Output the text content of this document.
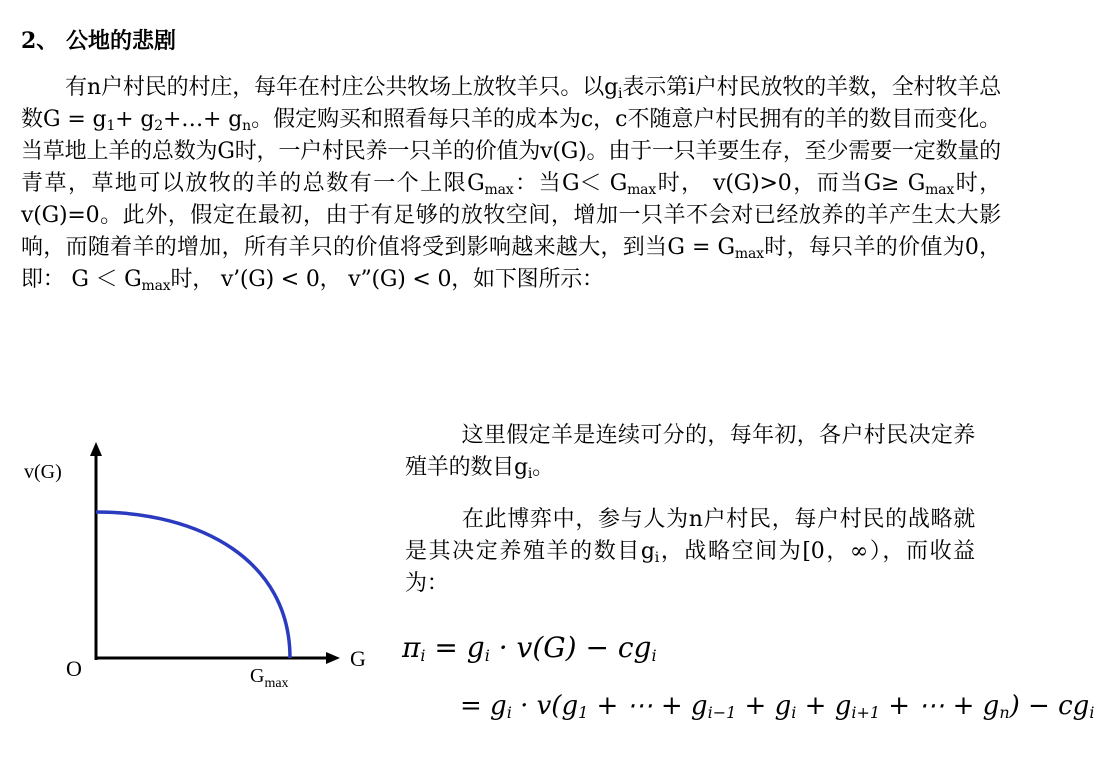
2、 公地的悲剧
有n户村民的村庄，每年在村庄公共牧场上放牧羊只。以$g_i$表示第i户村民放牧的羊数，全村牧羊总数$G = g_1+$ $g_2+\dots+ g_n$。假定购买和照看每只羊的成本为c，c不随意户村民拥有的羊的数目而变化。当草地上羊的总数为G时，一户村民养一只羊的价值为v(G)。由于一只羊要生存，至少需要一定数量的青草，草地可以放牧的羊的总数有一个上限$G_{max}$：当$G< G_{max}$时， v(G)>0，而当$G\ge G_{max}$时，v(G)=0。此外，假定在最初，由于有足够的放牧空间，增加一只羊不会对已经放养的羊产生太大影响，而随着羊的增加，所有羊只的价值将受到影响越来越大，到当$G = G_{max}$时，每只羊的价值为0，即： $G < G_{max}$时， v’(G) < 0， v”(G) < 0，如下图所示：
这里假定羊是连续可分的，每年初，各户村民决定养殖羊的数目$g_i$。
在此博弈中，参与人为n户村民，每户村民的战略就是其决定养殖羊的数目$g_i$，战略空间为[0，∞），而收益为：
v(G)
G
O	$G_{max}$
$\pi_i = g_i \cdot v(G) - cg_i$
= $g_i \cdot v(g_1$ + ⋯ + $g_{i-1} + g_i + g_{i+1}$ + ⋯ + $g_n) - cg_i$
